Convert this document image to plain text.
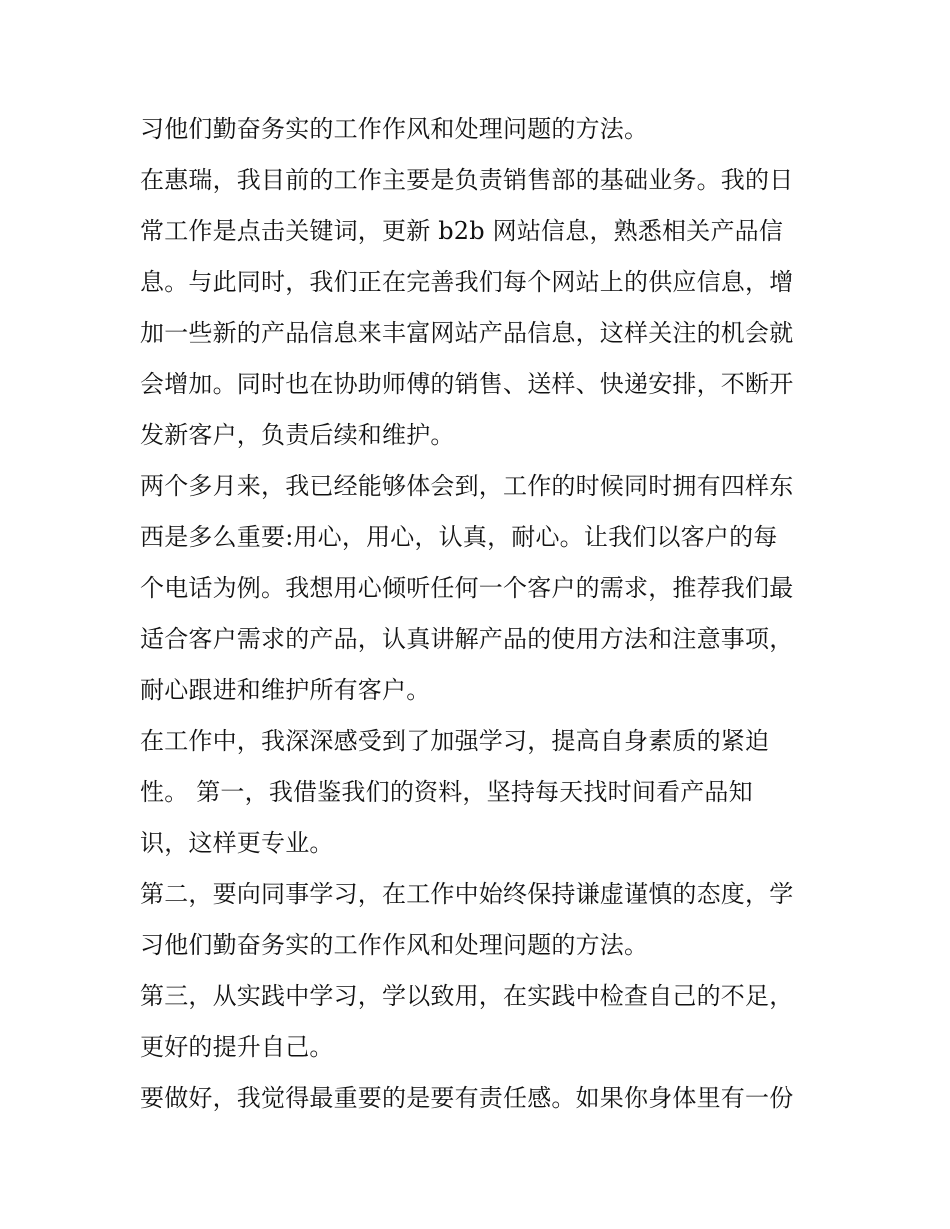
习他们勤奋务实的工作作风和处理问题的方法。
在惠瑞，我目前的工作主要是负责销售部的基础业务。我的日
常工作是点击关键词，更新 b2b 网站信息，熟悉相关产品信
息。与此同时，我们正在完善我们每个网站上的供应信息，增
加一些新的产品信息来丰富网站产品信息，这样关注的机会就
会增加。同时也在协助师傅的销售、送样、快递安排，不断开
发新客户，负责后续和维护。
两个多月来，我已经能够体会到，工作的时候同时拥有四样东
西是多么重要:用心，用心，认真，耐心。让我们以客户的每
个电话为例。我想用心倾听任何一个客户的需求，推荐我们最
适合客户需求的产品，认真讲解产品的使用方法和注意事项，
耐心跟进和维护所有客户。
在工作中，我深深感受到了加强学习，提高自身素质的紧迫
性。 第一，我借鉴我们的资料，坚持每天找时间看产品知
识，这样更专业。
第二，要向同事学习，在工作中始终保持谦虚谨慎的态度，学
习他们勤奋务实的工作作风和处理问题的方法。
第三，从实践中学习，学以致用，在实践中检查自己的不足，
更好的提升自己。
要做好，我觉得最重要的是要有责任感。如果你身体里有一份
